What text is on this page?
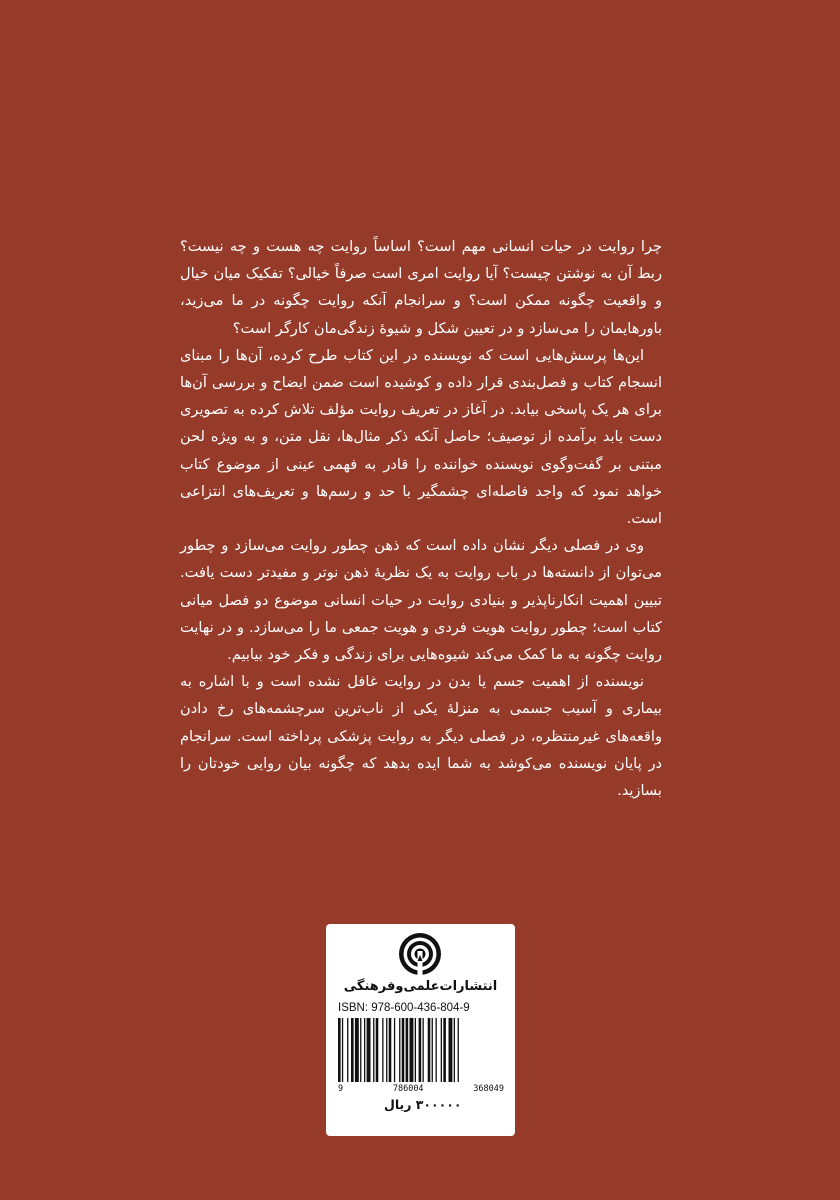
چرا روایت در حیات انسانی مهم است؟ اساساً روایت چه هست و چه نیست؟ ربط آن به نوشتن چیست؟ آیا روایت امری است صرفاً خیالی؟ تفکیک میان خیال و واقعیت چگونه ممکن است؟ و سرانجام آنکه روایت چگونه در ما می‌زید، باورهایمان را می‌سازد و در تعیین شکل و شیوهٔ زندگی‌مان کارگر است؟

این‌ها پرسش‌هایی است که نویسنده در این کتاب طرح کرده، آن‌ها را مبنای انسجام کتاب و فصل‌بندی قرار داده و کوشیده است ضمن ایضاح و بررسی آن‌ها برای هر یک پاسخی بیابد. در آغاز در تعریف روایت مؤلف تلاش کرده به تصویری دست یابد برآمده از توصیف؛ حاصل آنکه ذکر مثال‌ها، نقل متن، و به ویژه لحن مبتنی بر گفت‌وگوی نویسنده خواننده را قادر به فهمی عینی از موضوع کتاب خواهد نمود که واجد فاصله‌ای چشمگیر با حد و رسم‌ها و تعریف‌های انتزاعی است.

وی در فصلی دیگر نشان داده است که ذهن چطور روایت می‌سازد و چطور می‌توان از دانسته‌ها در باب روایت به یک نظریهٔ ذهن نوتر و مفیدتر دست یافت. تبیین اهمیت انکارناپذیر و بنیادی روایت در حیات انسانی موضوع دو فصل میانی کتاب است؛ چطور روایت هویت فردی و هویت جمعی ما را می‌سازد. و در نهایت روایت چگونه به ما کمک می‌کند شیوه‌هایی برای زندگی و فکر خود بیابیم.

نویسنده از اهمیت جسم یا بدن در روایت غافل نشده است و با اشاره به بیماری و آسیب جسمی به منزلهٔ یکی از ناب‌ترین سرچشمه‌های رخ دادن واقعه‌های غیرمنتظره، در فصلی دیگر به روایت پزشکی پرداخته است. سرانجام در پایان نویسنده می‌کوشد به شما ایده بدهد که چگونه بیان روایی خودتان را بسازید.

انتشارات‌علمی‌وفرهنگی
ISBN: 978-600-436-804-9
9	786004	368049
۳۰۰۰۰۰ ریال
